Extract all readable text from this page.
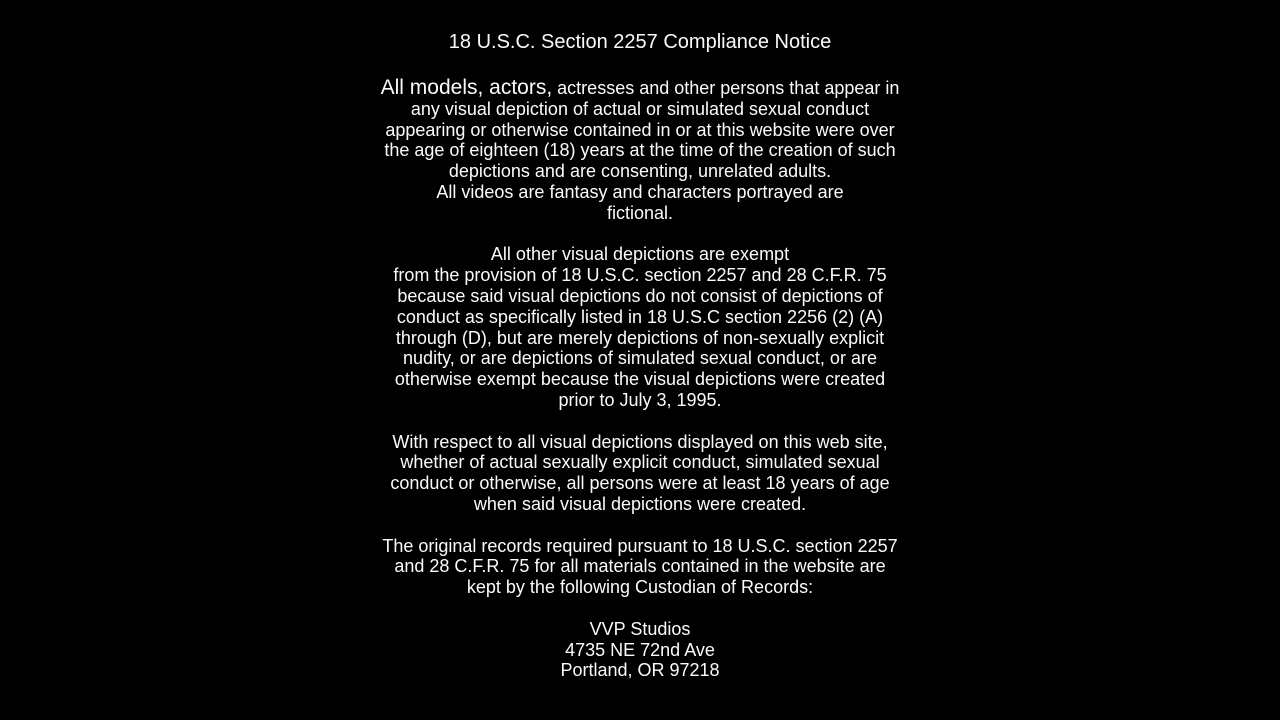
18 U.S.C. Section 2257 Compliance Notice
All models, actors, actresses and other persons that appear in
any visual depiction of actual or simulated sexual conduct
appearing or otherwise contained in or at this website were over
the age of eighteen (18) years at the time of the creation of such
depictions and are consenting, unrelated adults.
All videos are fantasy and characters portrayed are
fictional.
All other visual depictions are exempt
from the provision of 18 U.S.C. section 2257 and 28 C.F.R. 75
because said visual depictions do not consist of depictions of
conduct as specifically listed in 18 U.S.C section 2256 (2) (A)
through (D), but are merely depictions of non-sexually explicit
nudity, or are depictions of simulated sexual conduct, or are
otherwise exempt because the visual depictions were created
prior to July 3, 1995.
With respect to all visual depictions displayed on this web site,
whether of actual sexually explicit conduct, simulated sexual
conduct or otherwise, all persons were at least 18 years of age
when said visual depictions were created.
The original records required pursuant to 18 U.S.C. section 2257
and 28 C.F.R. 75 for all materials contained in the website are
kept by the following Custodian of Records:
VVP Studios
4735 NE 72nd Ave
Portland, OR 97218
